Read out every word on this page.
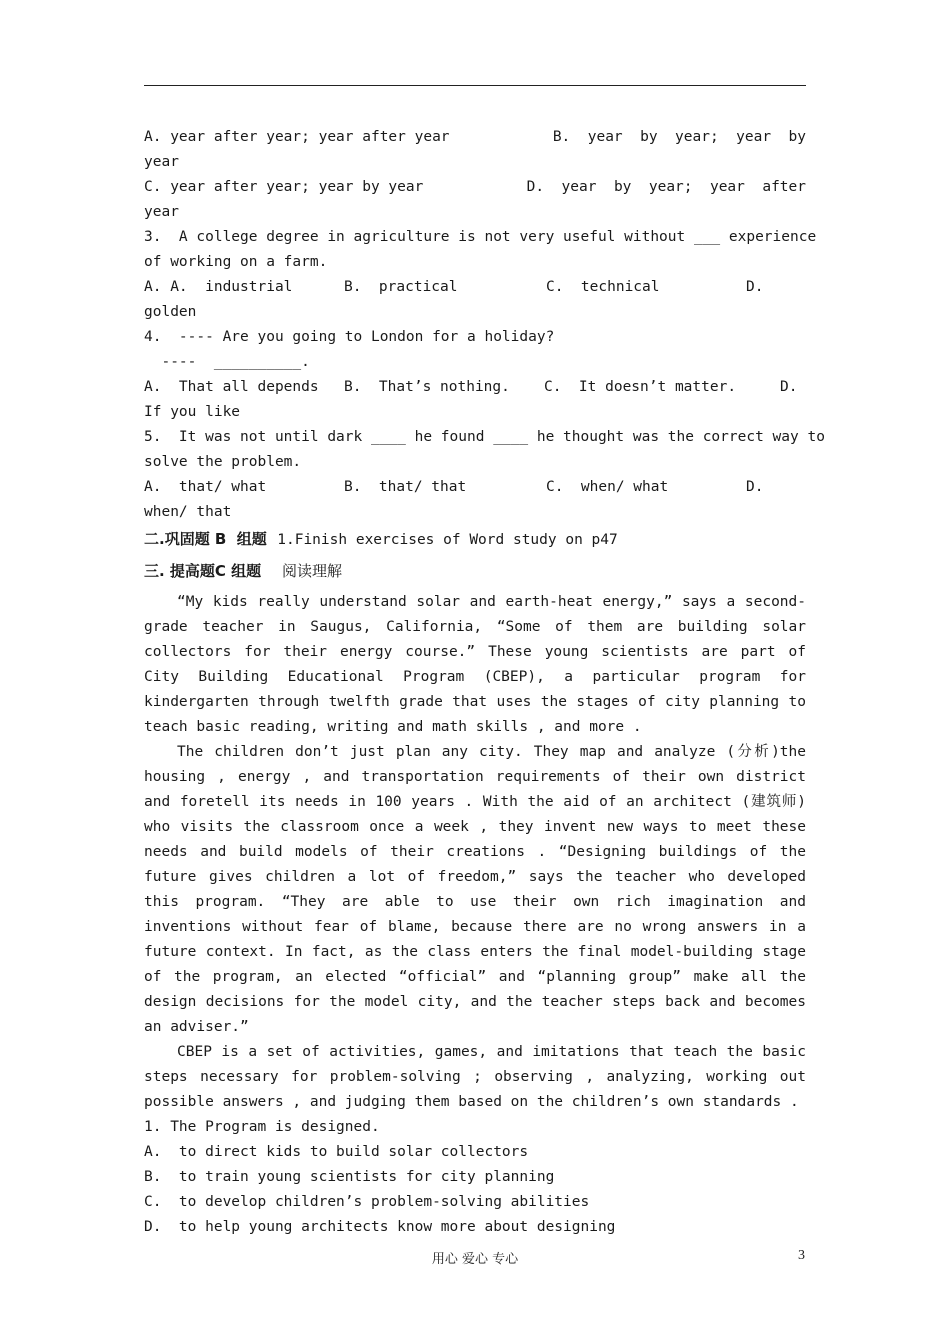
A. year after year; year after year	B.  year  by  year;  year  by
year
C. year after year; year by year	D.  year  by  year;  year  after
year
3.  A college degree in agriculture is not very useful without ___ experience
of working on a farm.
A. A.  industrial	B.  practical	C.  technical	D.
golden
4.  ---- Are you going to London for a holiday?
----  __________.
A.  That all depends B.  That’s nothing. C.  It doesn’t matter.	D.
If you like
5.  It was not until dark ____ he found ____ he thought was the correct way to
solve the problem.
A.  that/ what	B.  that/ that	C.  when/ what	D.
when/ that
二.巩固题 B  组题 1.Finish exercises of Word study on p47
三. 提高题C 组题 阅读理解
“My kids really understand solar and earth-heat energy,” says a second-grade teacher in Saugus, California, “Some of them are building solar collectors for their energy course.” These young scientists are part of City Building Educational Program (CBEP), a particular program for kindergarten through twelfth grade that uses the stages of city planning to teach basic reading, writing and math skills , and more .
The children don’t just plan any city. They map and analyze (分析)the housing , energy , and transportation requirements of their own district and foretell its needs in 100 years . With the aid of an architect (建筑师) who visits the classroom once a week , they invent new ways to meet these needs and build models of their creations . “Designing buildings of the future gives children a lot of freedom,” says the teacher who developed this program. “They are able to use their own rich imagination and inventions without fear of blame, because there are no wrong answers in a future context. In fact, as the class enters the final model-building stage of the program, an elected “official” and “planning group” make all the design decisions for the model city, and the teacher steps back and becomes an adviser.”
CBEP is a set of activities, games, and imitations that teach the basic steps necessary for problem-solving ; observing , analyzing, working out possible answers , and judging them based on the children’s own standards .
1. The Program is designed.
A.  to direct kids to build solar collectors
B.  to train young scientists for city planning
C.  to develop children’s problem-solving abilities
D.  to help young architects know more about designing
用心 爱心 专心	3
